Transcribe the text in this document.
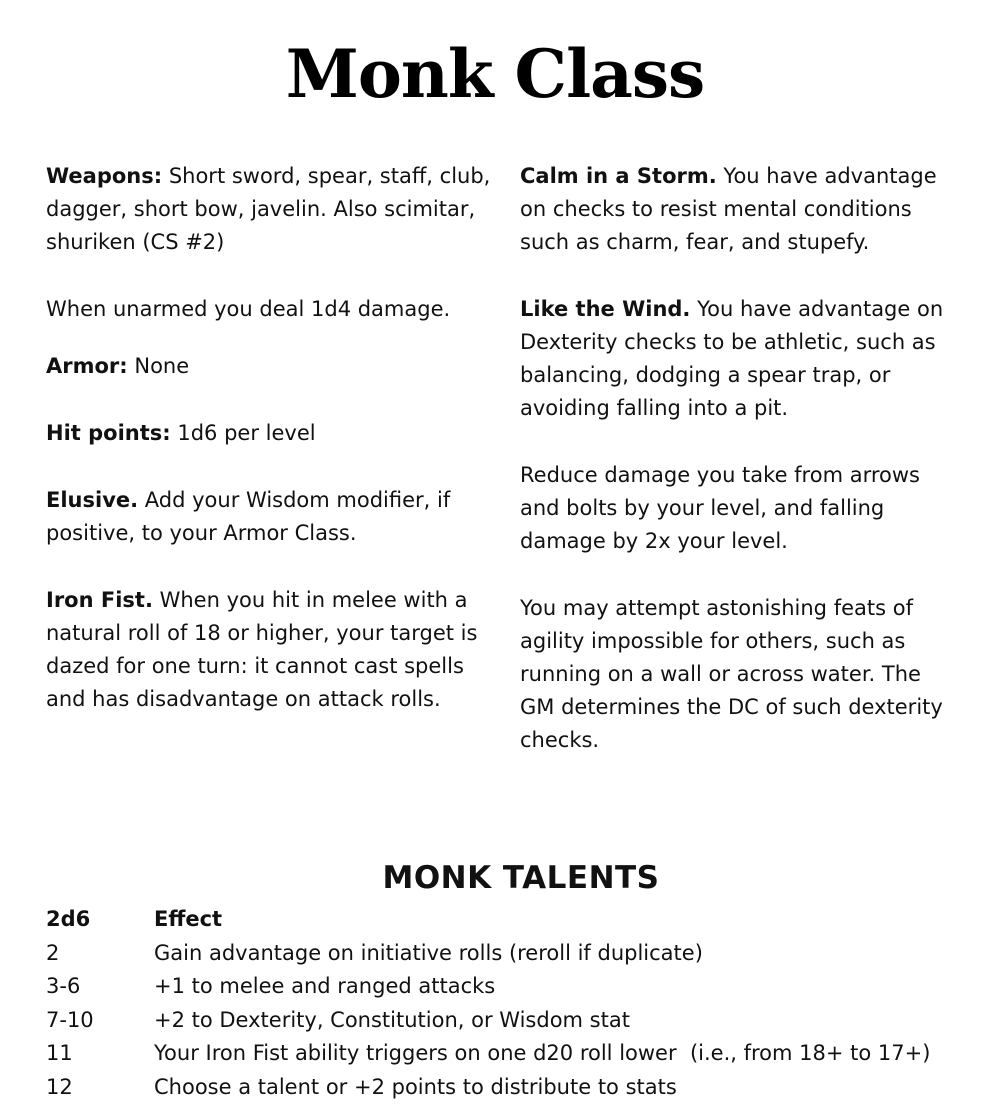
Monk Class

Weapons: Short sword, spear, staff, club, dagger, short bow, javelin. Also scimitar, shuriken (CS #2)

When unarmed you deal 1d4 damage.

Armor: None

Hit points: 1d6 per level

Elusive. Add your Wisdom modifier, if positive, to your Armor Class.

Iron Fist. When you hit in melee with a natural roll of 18 or higher, your target is dazed for one turn: it cannot cast spells and has disadvantage on attack rolls.

Calm in a Storm. You have advantage on checks to resist mental conditions such as charm, fear, and stupefy.

Like the Wind. You have advantage on Dexterity checks to be athletic, such as balancing, dodging a spear trap, or avoiding falling into a pit.

Reduce damage you take from arrows and bolts by your level, and falling damage by 2x your level.

You may attempt astonishing feats of agility impossible for others, such as running on a wall or across water. The GM determines the DC of such dexterity checks.

MONK TALENTS
2d6	Effect
2	Gain advantage on initiative rolls (reroll if duplicate)
3-6	+1 to melee and ranged attacks
7-10	+2 to Dexterity, Constitution, or Wisdom stat
11	Your Iron Fist ability triggers on one d20 roll lower  (i.e., from 18+ to 17+)
12	Choose a talent or +2 points to distribute to stats
